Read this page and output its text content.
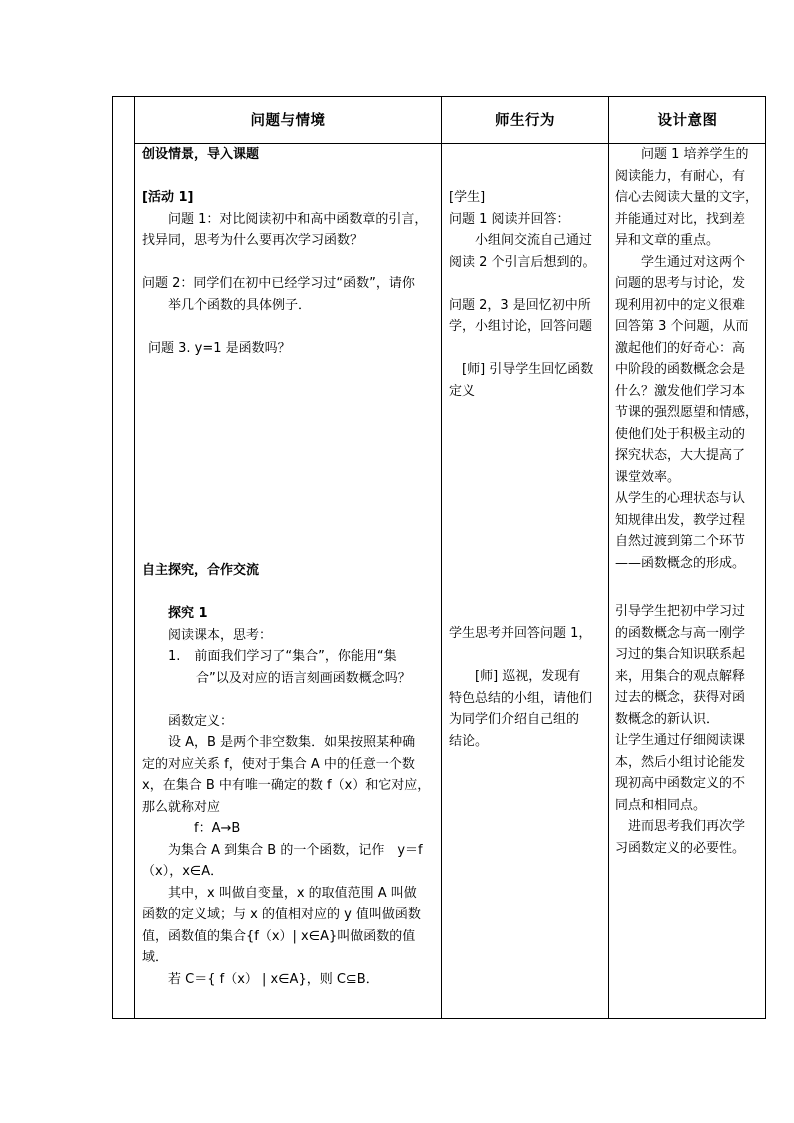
问题与情境	师生行为	设计意图

创设情景，导入课题

[活动 1]

问题 1：对比阅读初中和高中函数章的引言，

找异同，思考为什么要再次学习函数？

问题 2：同学们在初中已经学习过“函数”，请你

举几个函数的具体例子．

问题 3. y=1 是函数吗？

自主探究，合作交流

探究 1

阅读课本，思考：

1. 前面我们学习了“集合”，你能用“集

合”以及对应的语言刻画函数概念吗？

函数定义：

设 A，B 是两个非空数集．如果按照某种确

定的对应关系 f，使对于集合 A 中的任意一个数

x，在集合 B 中有唯一确定的数 f（x）和它对应，

那么就称对应

f：A→B

为集合 A 到集合 B 的一个函数，记作　y＝f

（x），x∈A．

其中，x 叫做自变量，x 的取值范围 A 叫做

函数的定义域；与 x 的值相对应的 y 值叫做函数

值，函数值的集合{f（x）| x∈A}叫做函数的值

域．

若 C＝{ f（x） | x∈A}，则 C⊆B．

[学生]

问题 1 阅读并回答：

小组间交流自己通过

阅读 2 个引言后想到的。

问题 2，3 是回忆初中所

学，小组讨论，回答问题

[师] 引导学生回忆函数

定义

学生思考并回答问题 1，

[师] 巡视，发现有

特色总结的小组，请他们

为同学们介绍自己组的

结论。

问题 1 培养学生的

阅读能力，有耐心，有

信心去阅读大量的文字，

并能通过对比，找到差

异和文章的重点。

学生通过对这两个

问题的思考与讨论，发

现利用初中的定义很难

回答第 3 个问题，从而

激起他们的好奇心：高

中阶段的函数概念会是

什么？激发他们学习本

节课的强烈愿望和情感，

使他们处于积极主动的

探究状态，大大提高了

课堂效率。

从学生的心理状态与认

知规律出发，教学过程

自然过渡到第二个环节

——函数概念的形成。

引导学生把初中学习过

的函数概念与高一刚学

习过的集合知识联系起

来，用集合的观点解释

过去的概念，获得对函

数概念的新认识．

让学生通过仔细阅读课

本，然后小组讨论能发

现初高中函数定义的不

同点和相同点。

进而思考我们再次学

习函数定义的必要性。
